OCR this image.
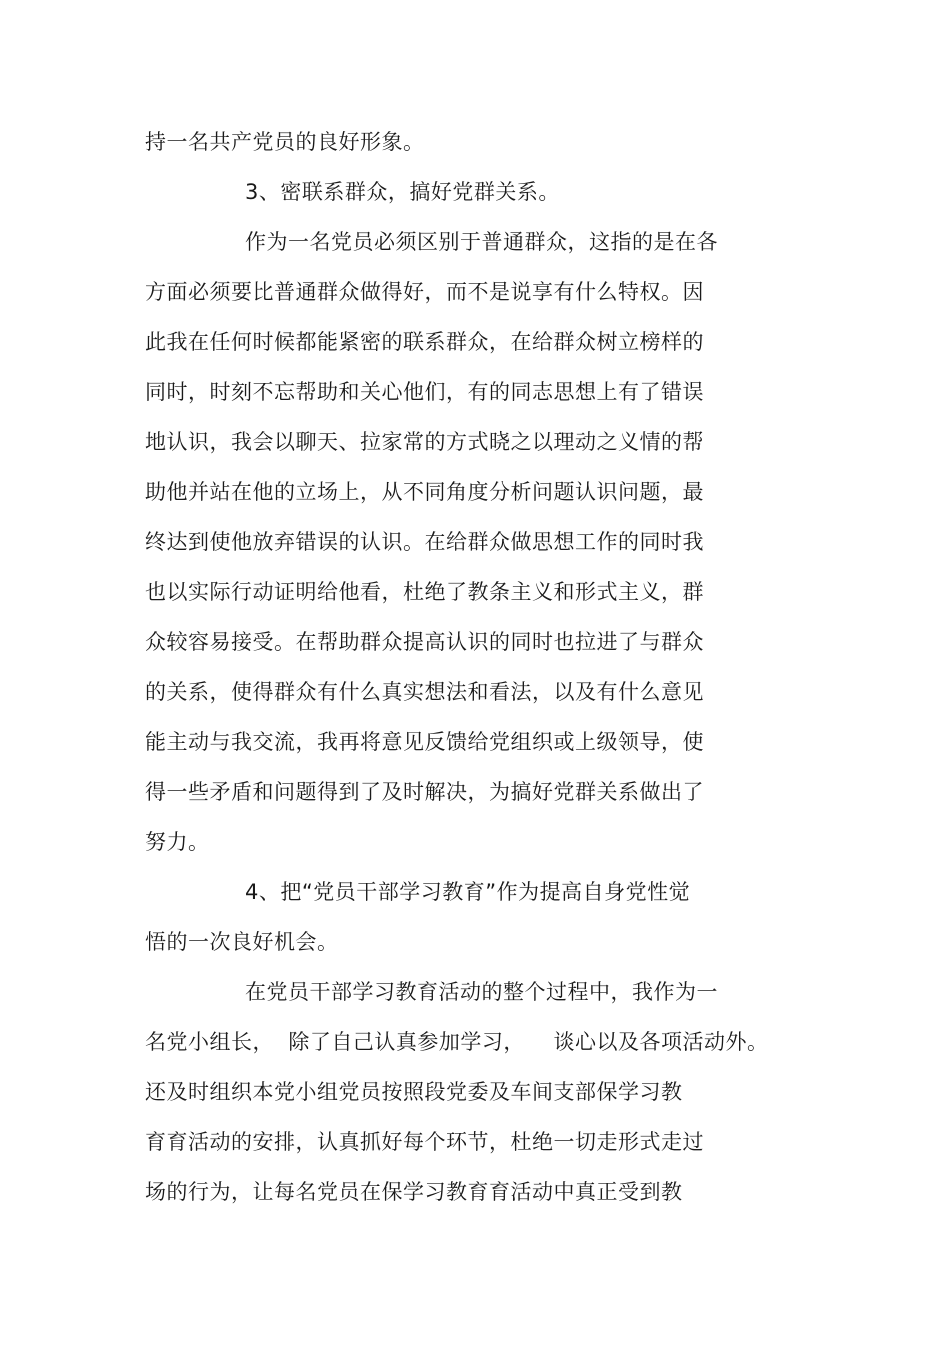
持一名共产党员的良好形象。
3、密联系群众，搞好党群关系。
作为一名党员必须区别于普通群众，这指的是在各
方面必须要比普通群众做得好，而不是说享有什么特权。因
此我在任何时候都能紧密的联系群众，在给群众树立榜样的
同时，时刻不忘帮助和关心他们，有的同志思想上有了错误
地认识，我会以聊天、拉家常的方式晓之以理动之义情的帮
助他并站在他的立场上，从不同角度分析问题认识问题，最
终达到使他放弃错误的认识。在给群众做思想工作的同时我
也以实际行动证明给他看，杜绝了教条主义和形式主义，群
众较容易接受。在帮助群众提高认识的同时也拉进了与群众
的关系，使得群众有什么真实想法和看法，以及有什么意见
能主动与我交流，我再将意见反馈给党组织或上级领导，使
得一些矛盾和问题得到了及时解决，为搞好党群关系做出了
努力。
4、把“党员干部学习教育”作为提高自身党性觉
悟的一次良好机会。
在党员干部学习教育活动的整个过程中，我作为一
名党小组长，  除了自己认真参加学习，    谈心以及各项活动外。
还及时组织本党小组党员按照段党委及车间支部保学习教
育育活动的安排，认真抓好每个环节，杜绝一切走形式走过
场的行为，让每名党员在保学习教育育活动中真正受到教
